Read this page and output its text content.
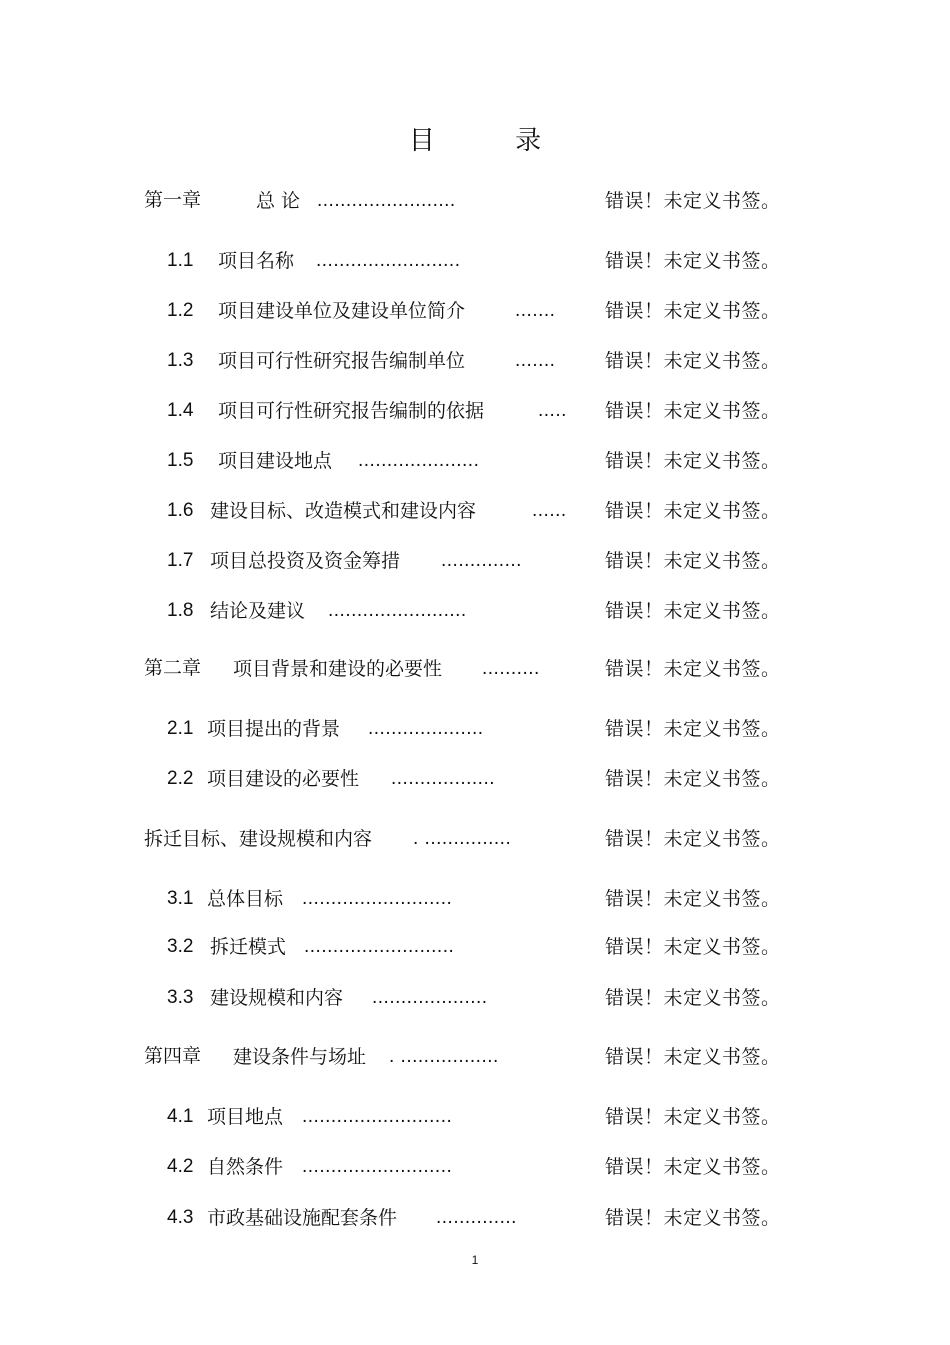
目 录
第一章	总 论 ........................	错误！未定义书签。
1.1 项目名称 .........................	错误！未定义书签。
1.2 项目建设单位及建设单位简介	.......	错误！未定义书签。
1.3 项目可行性研究报告编制单位	.......	错误！未定义书签。
1.4 项目可行性研究报告编制的依据	..... 错误！未定义书签。
1.5 项目建设地点 .....................	错误！未定义书签。
1.6 建设目标、改造模式和建设内容	...... 错误！未定义书签。
1.7 项目总投资及资金筹措 ..............	错误！未定义书签。
1.8 结论及建议 ........................	错误！未定义书签。
第二章 项目背景和建设的必要性 ..........	错误！未定义书签。
2.1 项目提出的背景 ....................	错误！未定义书签。
2.2 项目建设的必要性 ..................	错误！未定义书签。
拆迁目标、建设规模和内容 . ...............	错误！未定义书签。
3.1 总体目标 ..........................	错误！未定义书签。
3.2 拆迁模式 ..........................	错误！未定义书签。
3.3 建设规模和内容 ....................	错误！未定义书签。
第四章 建设条件与场址 . .................	错误！未定义书签。
4.1 项目地点 ..........................	错误！未定义书签。
4.2 自然条件 ..........................	错误！未定义书签。
4.3 市政基础设施配套条件 ..............	错误！未定义书签。
1
